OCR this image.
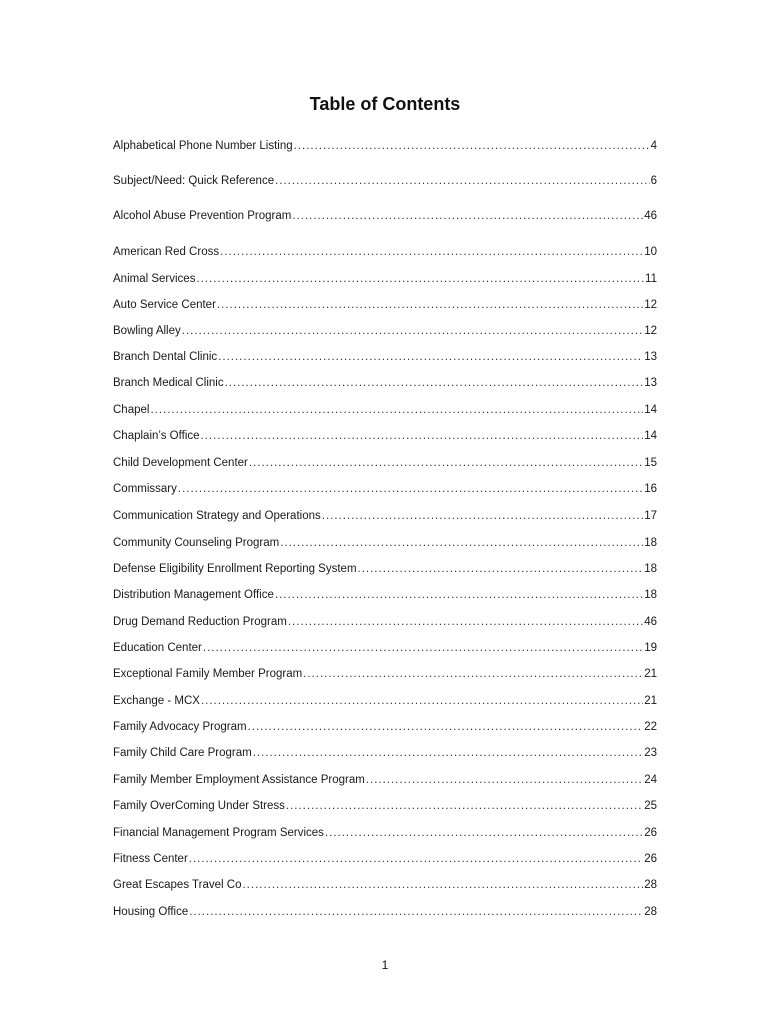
Table of Contents
Alphabetical Phone Number Listing .....	4
Subject/Need: Quick Reference .....	6
Alcohol Abuse Prevention Program .....	46
American Red Cross .....	10
Animal Services .....	11
Auto Service Center .....	12
Bowling Alley .....	12
Branch Dental Clinic .....	13
Branch Medical Clinic .....	13
Chapel .....	14
Chaplain’s Office .....	14
Child Development Center .....	15
Commissary .....	16
Communication Strategy and Operations .....	17
Community Counseling Program .....	18
Defense Eligibility Enrollment Reporting System .....	18
Distribution Management Office .....	18
Drug Demand Reduction Program .....	46
Education Center .....	19
Exceptional Family Member Program .....	21
Exchange - MCX .....	21
Family Advocacy Program .....	22
Family Child Care Program .....	23
Family Member Employment Assistance Program .....	24
Family OverComing Under Stress .....	25
Financial Management Program Services .....	26
Fitness Center .....	26
Great Escapes Travel Co .....	28
Housing Office .....	28
1
